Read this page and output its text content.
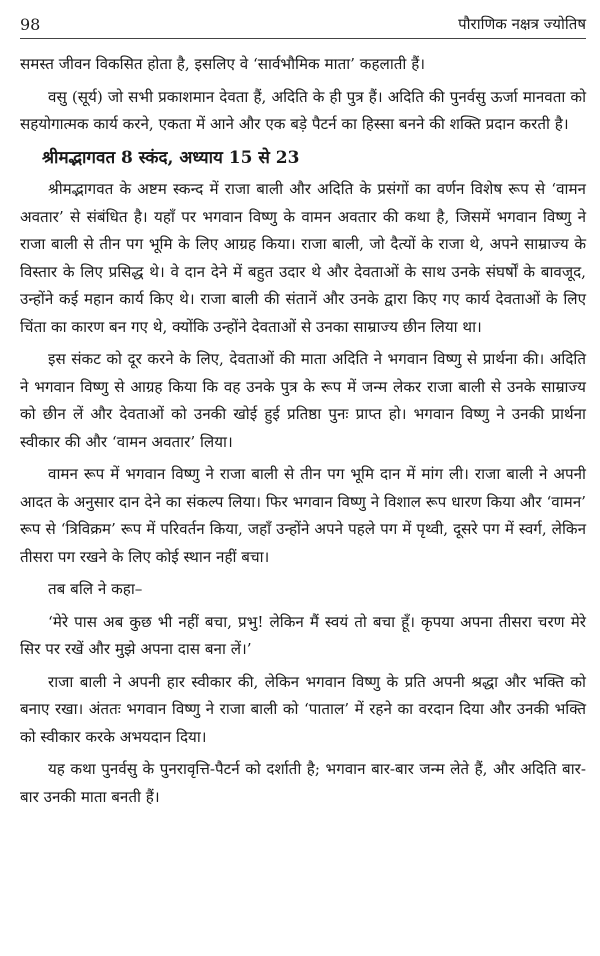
98	पौराणिक नक्षत्र ज्योतिष

समस्त जीवन विकसित होता है, इसलिए वे ‘सार्वभौमिक माता’ कहलाती हैं।

वसु (सूर्य) जो सभी प्रकाशमान देवता हैं, अदिति के ही पुत्र हैं। अदिति की पुनर्वसु ऊर्जा मानवता को सहयोगात्मक कार्य करने, एकता में आने और एक बड़े पैटर्न का हिस्सा बनने की शक्ति प्रदान करती है।

श्रीमद्भागवत 8 स्कंद, अध्याय 15 से 23

श्रीमद्भागवत के अष्टम स्कन्द में राजा बाली और अदिति के प्रसंगों का वर्णन विशेष रूप से ‘वामन अवतार’ से संबंधित है। यहाँ पर भगवान विष्णु के वामन अवतार की कथा है, जिसमें भगवान विष्णु ने राजा बाली से तीन पग भूमि के लिए आग्रह किया। राजा बाली, जो दैत्यों के राजा थे, अपने साम्राज्य के विस्तार के लिए प्रसिद्ध थे। वे दान देने में बहुत उदार थे और देवताओं के साथ उनके संघर्षों के बावजूद, उन्होंने कई महान कार्य किए थे। राजा बाली की संतानें और उनके द्वारा किए गए कार्य देवताओं के लिए चिंता का कारण बन गए थे, क्योंकि उन्होंने देवताओं से उनका साम्राज्य छीन लिया था।

इस संकट को दूर करने के लिए, देवताओं की माता अदिति ने भगवान विष्णु से प्रार्थना की। अदिति ने भगवान विष्णु से आग्रह किया कि वह उनके पुत्र के रूप में जन्म लेकर राजा बाली से उनके साम्राज्य को छीन लें और देवताओं को उनकी खोई हुई प्रतिष्ठा पुनः प्राप्त हो। भगवान विष्णु ने उनकी प्रार्थना स्वीकार की और ‘वामन अवतार’ लिया।

वामन रूप में भगवान विष्णु ने राजा बाली से तीन पग भूमि दान में मांग ली। राजा बाली ने अपनी आदत के अनुसार दान देने का संकल्प लिया। फिर भगवान विष्णु ने विशाल रूप धारण किया और ‘वामन’ रूप से ‘त्रिविक्रम’ रूप में परिवर्तन किया, जहाँ उन्होंने अपने पहले पग में पृथ्वी, दूसरे पग में स्वर्ग, लेकिन तीसरा पग रखने के लिए कोई स्थान नहीं बचा।

तब बलि ने कहा–

‘मेरे पास अब कुछ भी नहीं बचा, प्रभु! लेकिन मैं स्वयं तो बचा हूँ। कृपया अपना तीसरा चरण मेरे सिर पर रखें और मुझे अपना दास बना लें।’

राजा बाली ने अपनी हार स्वीकार की, लेकिन भगवान विष्णु के प्रति अपनी श्रद्धा और भक्ति को बनाए रखा। अंततः भगवान विष्णु ने राजा बाली को ‘पाताल’ में रहने का वरदान दिया और उनकी भक्ति को स्वीकार करके अभयदान दिया।

यह कथा पुनर्वसु के पुनरावृत्ति-पैटर्न को दर्शाती है; भगवान बार-बार जन्म लेते हैं, और अदिति बार-बार उनकी माता बनती हैं।
